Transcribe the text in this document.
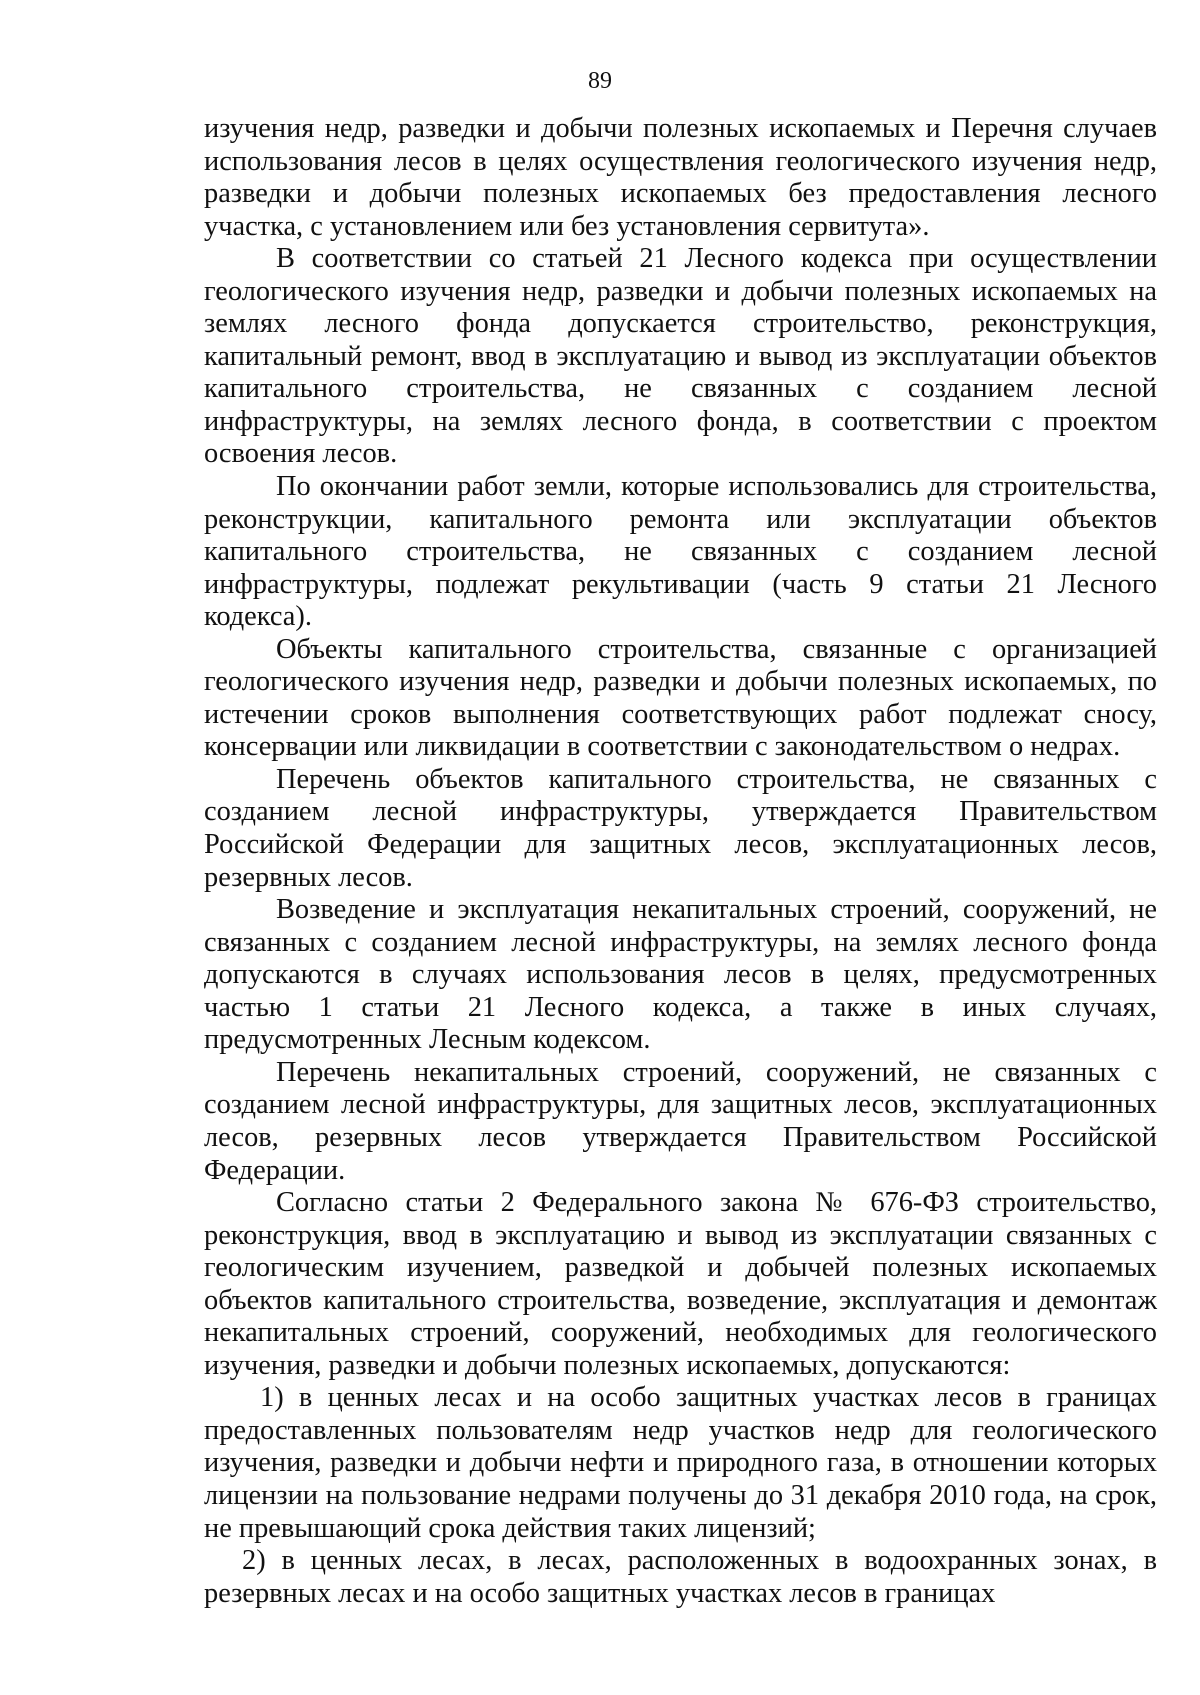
89

изучения недр, разведки и добычи полезных ископаемых и Перечня случаев использования лесов в целях осуществления геологического изучения недр, разведки и добычи полезных ископаемых без предоставления лесного участка, с установлением или без установления сервитута».

В соответствии со статьей 21 Лесного кодекса при осуществлении геологического изучения недр, разведки и добычи полезных ископаемых на землях лесного фонда допускается строительство, реконструкция, капитальный ремонт, ввод в эксплуатацию и вывод из эксплуатации объектов капитального строительства, не связанных с созданием лесной инфраструктуры, на землях лесного фонда, в соответствии с проектом освоения лесов.

По окончании работ земли, которые использовались для строительства, реконструкции, капитального ремонта или эксплуатации объектов капитального строительства, не связанных с созданием лесной инфраструктуры, подлежат рекультивации (часть 9 статьи 21 Лесного кодекса).

Объекты капитального строительства, связанные с организацией геологического изучения недр, разведки и добычи полезных ископаемых, по истечении сроков выполнения соответствующих работ подлежат сносу, консервации или ликвидации в соответствии с законодательством о недрах.

Перечень объектов капитального строительства, не связанных с созданием лесной инфраструктуры, утверждается Правительством Российской Федерации для защитных лесов, эксплуатационных лесов, резервных лесов.

Возведение и эксплуатация некапитальных строений, сооружений, не связанных с созданием лесной инфраструктуры, на землях лесного фонда допускаются в случаях использования лесов в целях, предусмотренных частью 1 статьи 21 Лесного кодекса, а также в иных случаях, предусмотренных Лесным кодексом.

Перечень некапитальных строений, сооружений, не связанных с созданием лесной инфраструктуры, для защитных лесов, эксплуатационных лесов, резервных лесов утверждается Правительством Российской Федерации.

Согласно статьи 2 Федерального закона № 676-ФЗ строительство, реконструкция, ввод в эксплуатацию и вывод из эксплуатации связанных с геологическим изучением, разведкой и добычей полезных ископаемых объектов капитального строительства, возведение, эксплуатация и демонтаж некапитальных строений, сооружений, необходимых для геологического изучения, разведки и добычи полезных ископаемых, допускаются:

1) в ценных лесах и на особо защитных участках лесов в границах предоставленных пользователям недр участков недр для геологического изучения, разведки и добычи нефти и природного газа, в отношении которых лицензии на пользование недрами получены до 31 декабря 2010 года, на срок, не превышающий срока действия таких лицензий;

2) в ценных лесах, в лесах, расположенных в водоохранных зонах, в резервных лесах и на особо защитных участках лесов в границах
